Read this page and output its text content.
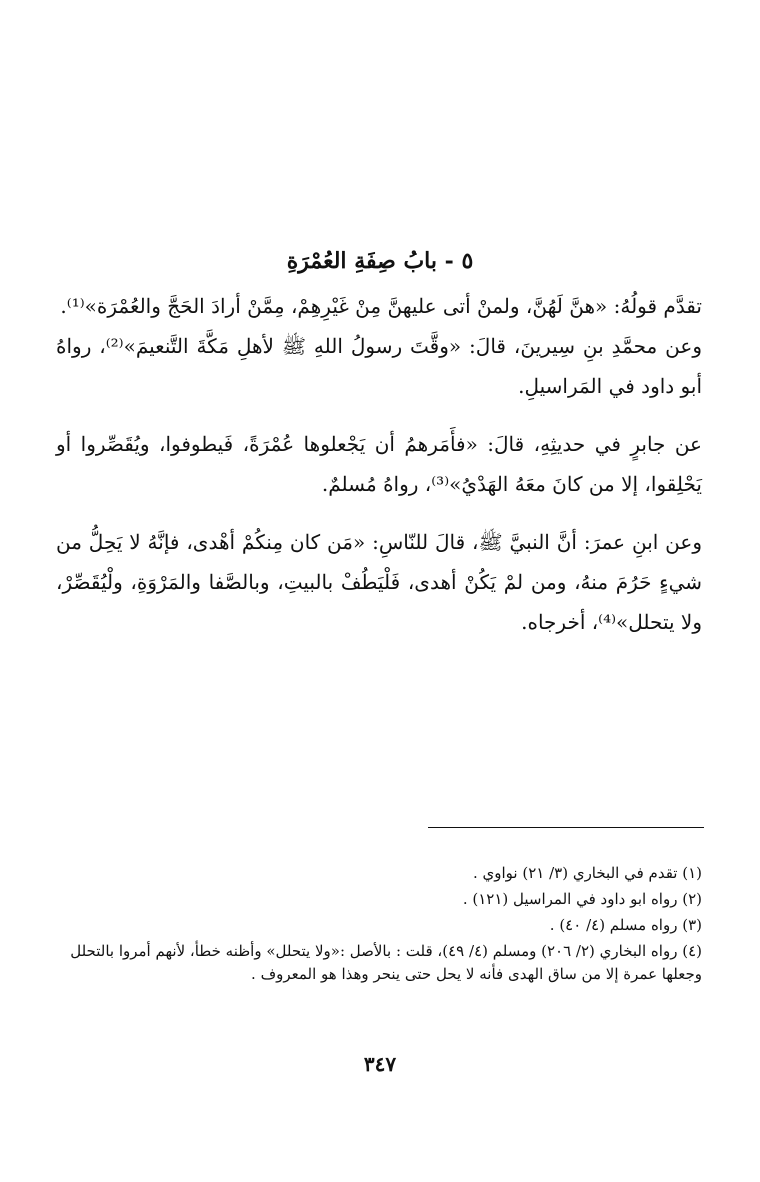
٥ - بابُ صِفَةِ العُمْرَةِ

تقدَّم قولُهُ: «هنَّ لَهُنَّ، ولمنْ أتى عليهنَّ مِنْ غَيْرِهِمْ، مِمَّنْ أرادَ الحَجَّ والعُمْرَة»⁽¹⁾.

وعن محمَّدِ بنِ سِيرينَ، قالَ: «وقَّتَ رسولُ اللهِ ﷺ لأهلِ مَكَّةَ التَّنعيمَ»⁽²⁾، رواهُ أبو داود في المَراسيلِ.

عن جابرٍ في حديثِهِ، قالَ: «فأَمَرهمُ أن يَجْعلوها عُمْرَةً، فَيطوفوا، ويُقَصِّروا أو يَحْلِقوا، إلا من كانَ معَهُ الهَدْيُ»⁽³⁾، رواهُ مُسلمٌ.

وعن ابنِ عمرَ: أنَّ النبيَّ ﷺ، قالَ للنّاسِ: «مَن كان مِنكُمْ أهْدى، فإنَّهُ لا يَحِلُّ من شيءٍ حَرُمَ منهُ، ومن لمْ يَكُنْ أهدى، فَلْيَطُفْ بالبيتِ، وبالصَّفا والمَرْوَةِ، ولْيُقَصِّرْ، ولا يتحلل»⁽⁴⁾، أخرجاه.

(١) تقدم في البخاري (٣/ ٢١) نواوي .

(٢) رواه ابو داود في المراسيل (١٢١) .

(٣) رواه مسلم (٤/ ٤٠) .

(٤) رواه البخاري (٢/ ٢٠٦) ومسلم (٤/ ٤٩)، قلت : بالأصل :«ولا يتحلل» وأظنه خطأ، لأنهم أمروا بالتحلل وجعلها عمرة إلا من ساق الهدى فأنه لا يحل حتى ينحر وهذا هو المعروف .

٣٤٧
